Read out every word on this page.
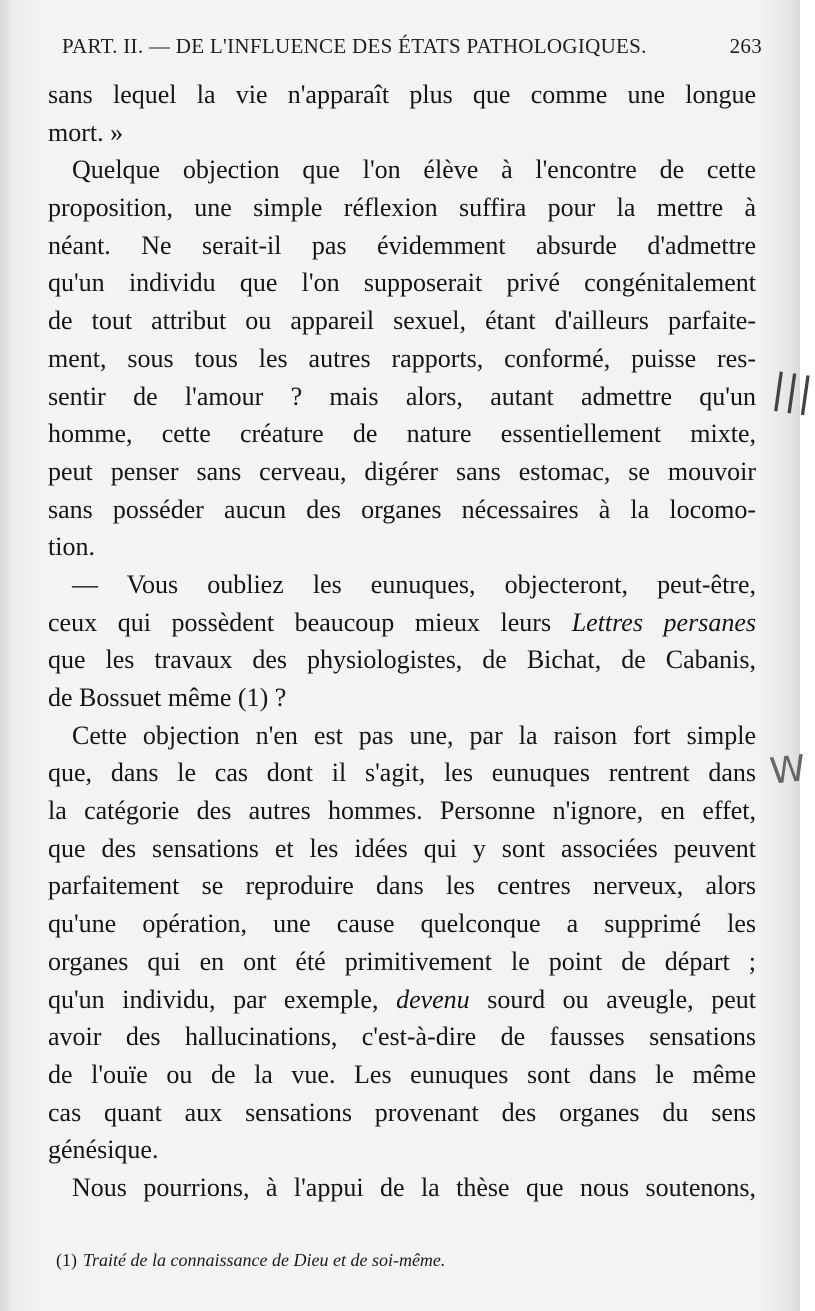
PART. II. — DE L'INFLUENCE DES ÉTATS PATHOLOGIQUES.	263
sans lequel la vie n'apparaît plus que comme une longue
mort. »
Quelque objection que l'on élève à l'encontre de cette
proposition, une simple réflexion suffira pour la mettre à
néant. Ne serait-il pas évidemment absurde d'admettre
qu'un individu que l'on supposerait privé congénitalement
de tout attribut ou appareil sexuel, étant d'ailleurs parfaite-
ment, sous tous les autres rapports, conformé, puisse res-
sentir de l'amour ? mais alors, autant admettre qu'un
homme, cette créature de nature essentiellement mixte,
peut penser sans cerveau, digérer sans estomac, se mouvoir
sans posséder aucun des organes nécessaires à la locomo-
tion.
— Vous oubliez les eunuques, objecteront, peut-être,
ceux qui possèdent beaucoup mieux leurs Lettres persanes
que les travaux des physiologistes, de Bichat, de Cabanis,
de Bossuet même (1) ?
Cette objection n'en est pas une, par la raison fort simple
que, dans le cas dont il s'agit, les eunuques rentrent dans
la catégorie des autres hommes. Personne n'ignore, en effet,
que des sensations et les idées qui y sont associées peuvent
parfaitement se reproduire dans les centres nerveux, alors
qu'une opération, une cause quelconque a supprimé les
organes qui en ont été primitivement le point de départ ;
qu'un individu, par exemple, devenu sourd ou aveugle, peut
avoir des hallucinations, c'est-à-dire de fausses sensations
de l'ouïe ou de la vue. Les eunuques sont dans le même
cas quant aux sensations provenant des organes du sens
génésique.
Nous pourrions, à l'appui de la thèse que nous soutenons,
(1) Traité de la connaissance de Dieu et de soi-même.
|||
W
